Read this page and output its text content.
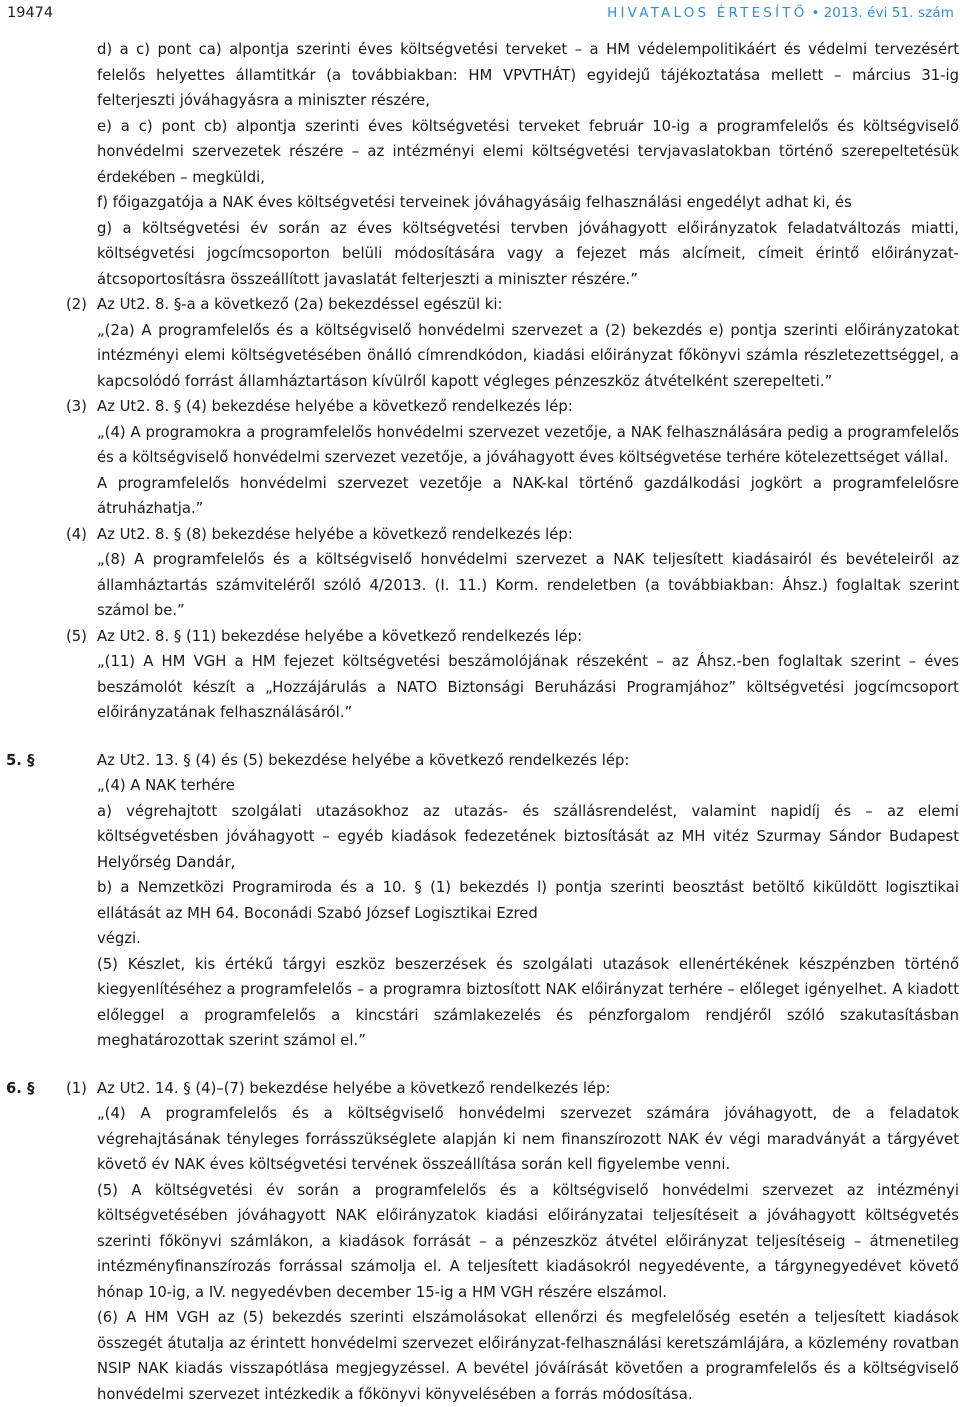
19474	HIVATALOS ÉRTESÍTŐ • 2013. évi 51. szám

d) a c) pont ca) alpontja szerinti éves költségvetési terveket – a HM védelempolitikáért és védelmi tervezésért felelős helyettes államtitkár (a továbbiakban: HM VPVTHÁT) egyidejű tájékoztatása mellett – március 31-ig felterjeszti jóváhagyásra a miniszter részére,

e) a c) pont cb) alpontja szerinti éves költségvetési terveket február 10-ig a programfelelős és költségviselő honvédelmi szervezetek részére – az intézményi elemi költségvetési tervjavaslatokban történő szerepeltetésük érdekében – megküldi,

f) főigazgatója a NAK éves költségvetési terveinek jóváhagyásáig felhasználási engedélyt adhat ki, és

g) a költségvetési év során az éves költségvetési tervben jóváhagyott előirányzatok feladatváltozás miatti, költségvetési jogcímcsoporton belüli módosítására vagy a fejezet más alcímeit, címeit érintő előirányzat-átcsoportosításra összeállított javaslatát felterjeszti a miniszter részére.”

(2) Az Ut2. 8. §-a a következő (2a) bekezdéssel egészül ki:

„(2a) A programfelelős és a költségviselő honvédelmi szervezet a (2) bekezdés e) pontja szerinti előirányzatokat intézményi elemi költségvetésében önálló címrendkódon, kiadási előirányzat főkönyvi számla részletezettséggel, a kapcsolódó forrást államháztartáson kívülről kapott végleges pénzeszköz átvételként szerepelteti.”

(3) Az Ut2. 8. § (4) bekezdése helyébe a következő rendelkezés lép:

„(4) A programokra a programfelelős honvédelmi szervezet vezetője, a NAK felhasználására pedig a programfelelős és a költségviselő honvédelmi szervezet vezetője, a jóváhagyott éves költségvetése terhére kötelezettséget vállal.

A programfelelős honvédelmi szervezet vezetője a NAK-kal történő gazdálkodási jogkört a programfelelősre átruházhatja.”

(4) Az Ut2. 8. § (8) bekezdése helyébe a következő rendelkezés lép:

„(8) A programfelelős és a költségviselő honvédelmi szervezet a NAK teljesített kiadásairól és bevételeiről az államháztartás számviteléről szóló 4/2013. (I. 11.) Korm. rendeletben (a továbbiakban: Áhsz.) foglaltak szerint számol be.”

(5) Az Ut2. 8. § (11) bekezdése helyébe a következő rendelkezés lép:

„(11) A HM VGH a HM fejezet költségvetési beszámolójának részeként – az Áhsz.-ben foglaltak szerint – éves beszámolót készít a „Hozzájárulás a NATO Biztonsági Beruházási Programjához” költségvetési jogcímcsoport előirányzatának felhasználásáról.”

5. §	Az Ut2. 13. § (4) és (5) bekezdése helyébe a következő rendelkezés lép:

„(4) A NAK terhére

a) végrehajtott szolgálati utazásokhoz az utazás- és szállásrendelést, valamint napidíj és – az elemi költségvetésben jóváhagyott – egyéb kiadások fedezetének biztosítását az MH vitéz Szurmay Sándor Budapest Helyőrség Dandár,

b) a Nemzetközi Programiroda és a 10. § (1) bekezdés l) pontja szerinti beosztást betöltő kiküldött logisztikai ellátását az MH 64. Boconádi Szabó József Logisztikai Ezred

végzi.

(5) Készlet, kis értékű tárgyi eszköz beszerzések és szolgálati utazások ellenértékének készpénzben történő kiegyenlítéséhez a programfelelős – a programra biztosított NAK előirányzat terhére – előleget igényelhet. A kiadott előleggel a programfelelős a kincstári számlakezelés és pénzforgalom rendjéről szóló szakutasításban meghatározottak szerint számol el.”

6. § (1) Az Ut2. 14. § (4)–(7) bekezdése helyébe a következő rendelkezés lép:

„(4) A programfelelős és a költségviselő honvédelmi szervezet számára jóváhagyott, de a feladatok végrehajtásának tényleges forrásszükséglete alapján ki nem finanszírozott NAK év végi maradványát a tárgyévet követő év NAK éves költségvetési tervének összeállítása során kell figyelembe venni.

(5) A költségvetési év során a programfelelős és a költségviselő honvédelmi szervezet az intézményi költségvetésében jóváhagyott NAK előirányzatok kiadási előirányzatai teljesítéseit a jóváhagyott költségvetés szerinti főkönyvi számlákon, a kiadások forrását – a pénzeszköz átvétel előirányzat teljesítéseig – átmenetileg intézményfinanszírozás forrással számolja el. A teljesített kiadásokról negyedévente, a tárgynegyedévet követő hónap 10-ig, a IV. negyedévben december 15-ig a HM VGH részére elszámol.

(6) A HM VGH az (5) bekezdés szerinti elszámolásokat ellenőrzi és megfelelőség esetén a teljesített kiadások összegét átutalja az érintett honvédelmi szervezet előirányzat-felhasználási keretszámlájára, a közlemény rovatban NSIP NAK kiadás visszapótlása megjegyzéssel. A bevétel jóváírását követően a programfelelős és a költségviselő honvédelmi szervezet intézkedik a főkönyvi könyvelésében a forrás módosítása.
